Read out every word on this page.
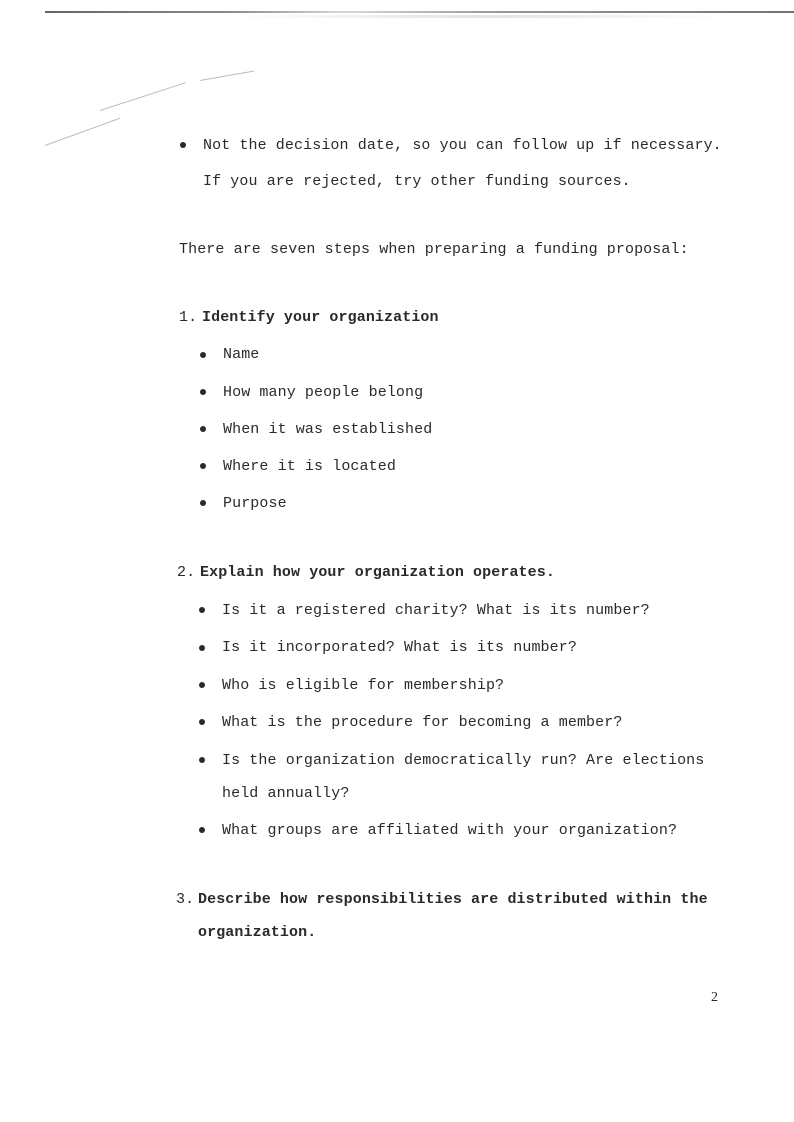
Not the decision date, so you can follow up if necessary.
If you are rejected, try other funding sources.
There are seven steps when preparing a funding proposal:
1. Identify your organization
Name
How many people belong
When it was established
Where it is located
Purpose
2. Explain how your organization operates.
Is it a registered charity? What is its number?
Is it incorporated? What is its number?
Who is eligible for membership?
What is the procedure for becoming a member?
Is the organization democratically run? Are elections
held annually?
What groups are affiliated with your organization?
3. Describe how responsibilities are distributed within the
organization.
2
